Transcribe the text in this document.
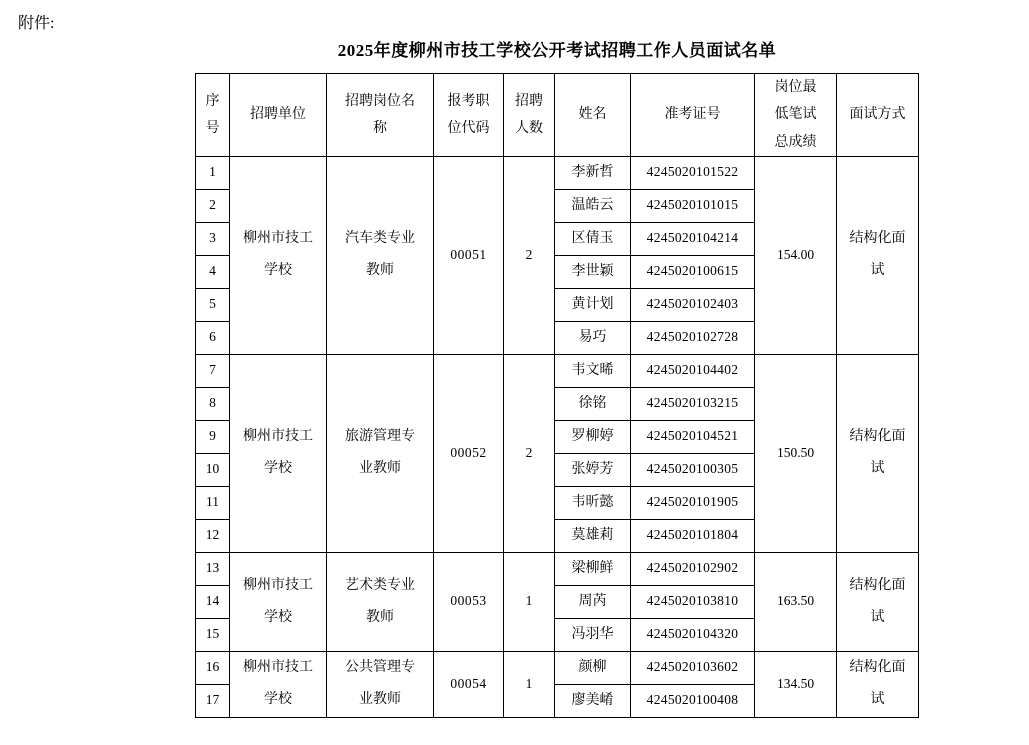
附件:
2025年度柳州市技工学校公开考试招聘工作人员面试名单
序号	招聘单位	招聘岗位名称	报考职位代码	招聘人数	姓名	准考证号	岗位最低笔试总成绩	面试方式
1	柳州市技工学校	汽车类专业教师	00051	2	李新哲	4245020101522	154.00	结构化面试
2					温皓云	4245020101015		
3					区倩玉	4245020104214		
4					李世颖	4245020100615		
5					黄计划	4245020102403		
6					易巧	4245020102728		
7	柳州市技工学校	旅游管理专业教师	00052	2	韦文晞	4245020104402	150.50	结构化面试
8					徐铭	4245020103215		
9					罗柳婷	4245020104521		
10					张婷芳	4245020100305		
11					韦昕懿	4245020101905		
12					莫雄莉	4245020101804		
13	柳州市技工学校	艺术类专业教师	00053	1	梁柳鲜	4245020102902	163.50	结构化面试
14					周芮	4245020103810		
15					冯羽华	4245020104320		
16	柳州市技工学校	公共管理专业教师	00054	1	颜柳	4245020103602	134.50	结构化面试
17					廖美崤	4245020100408		
